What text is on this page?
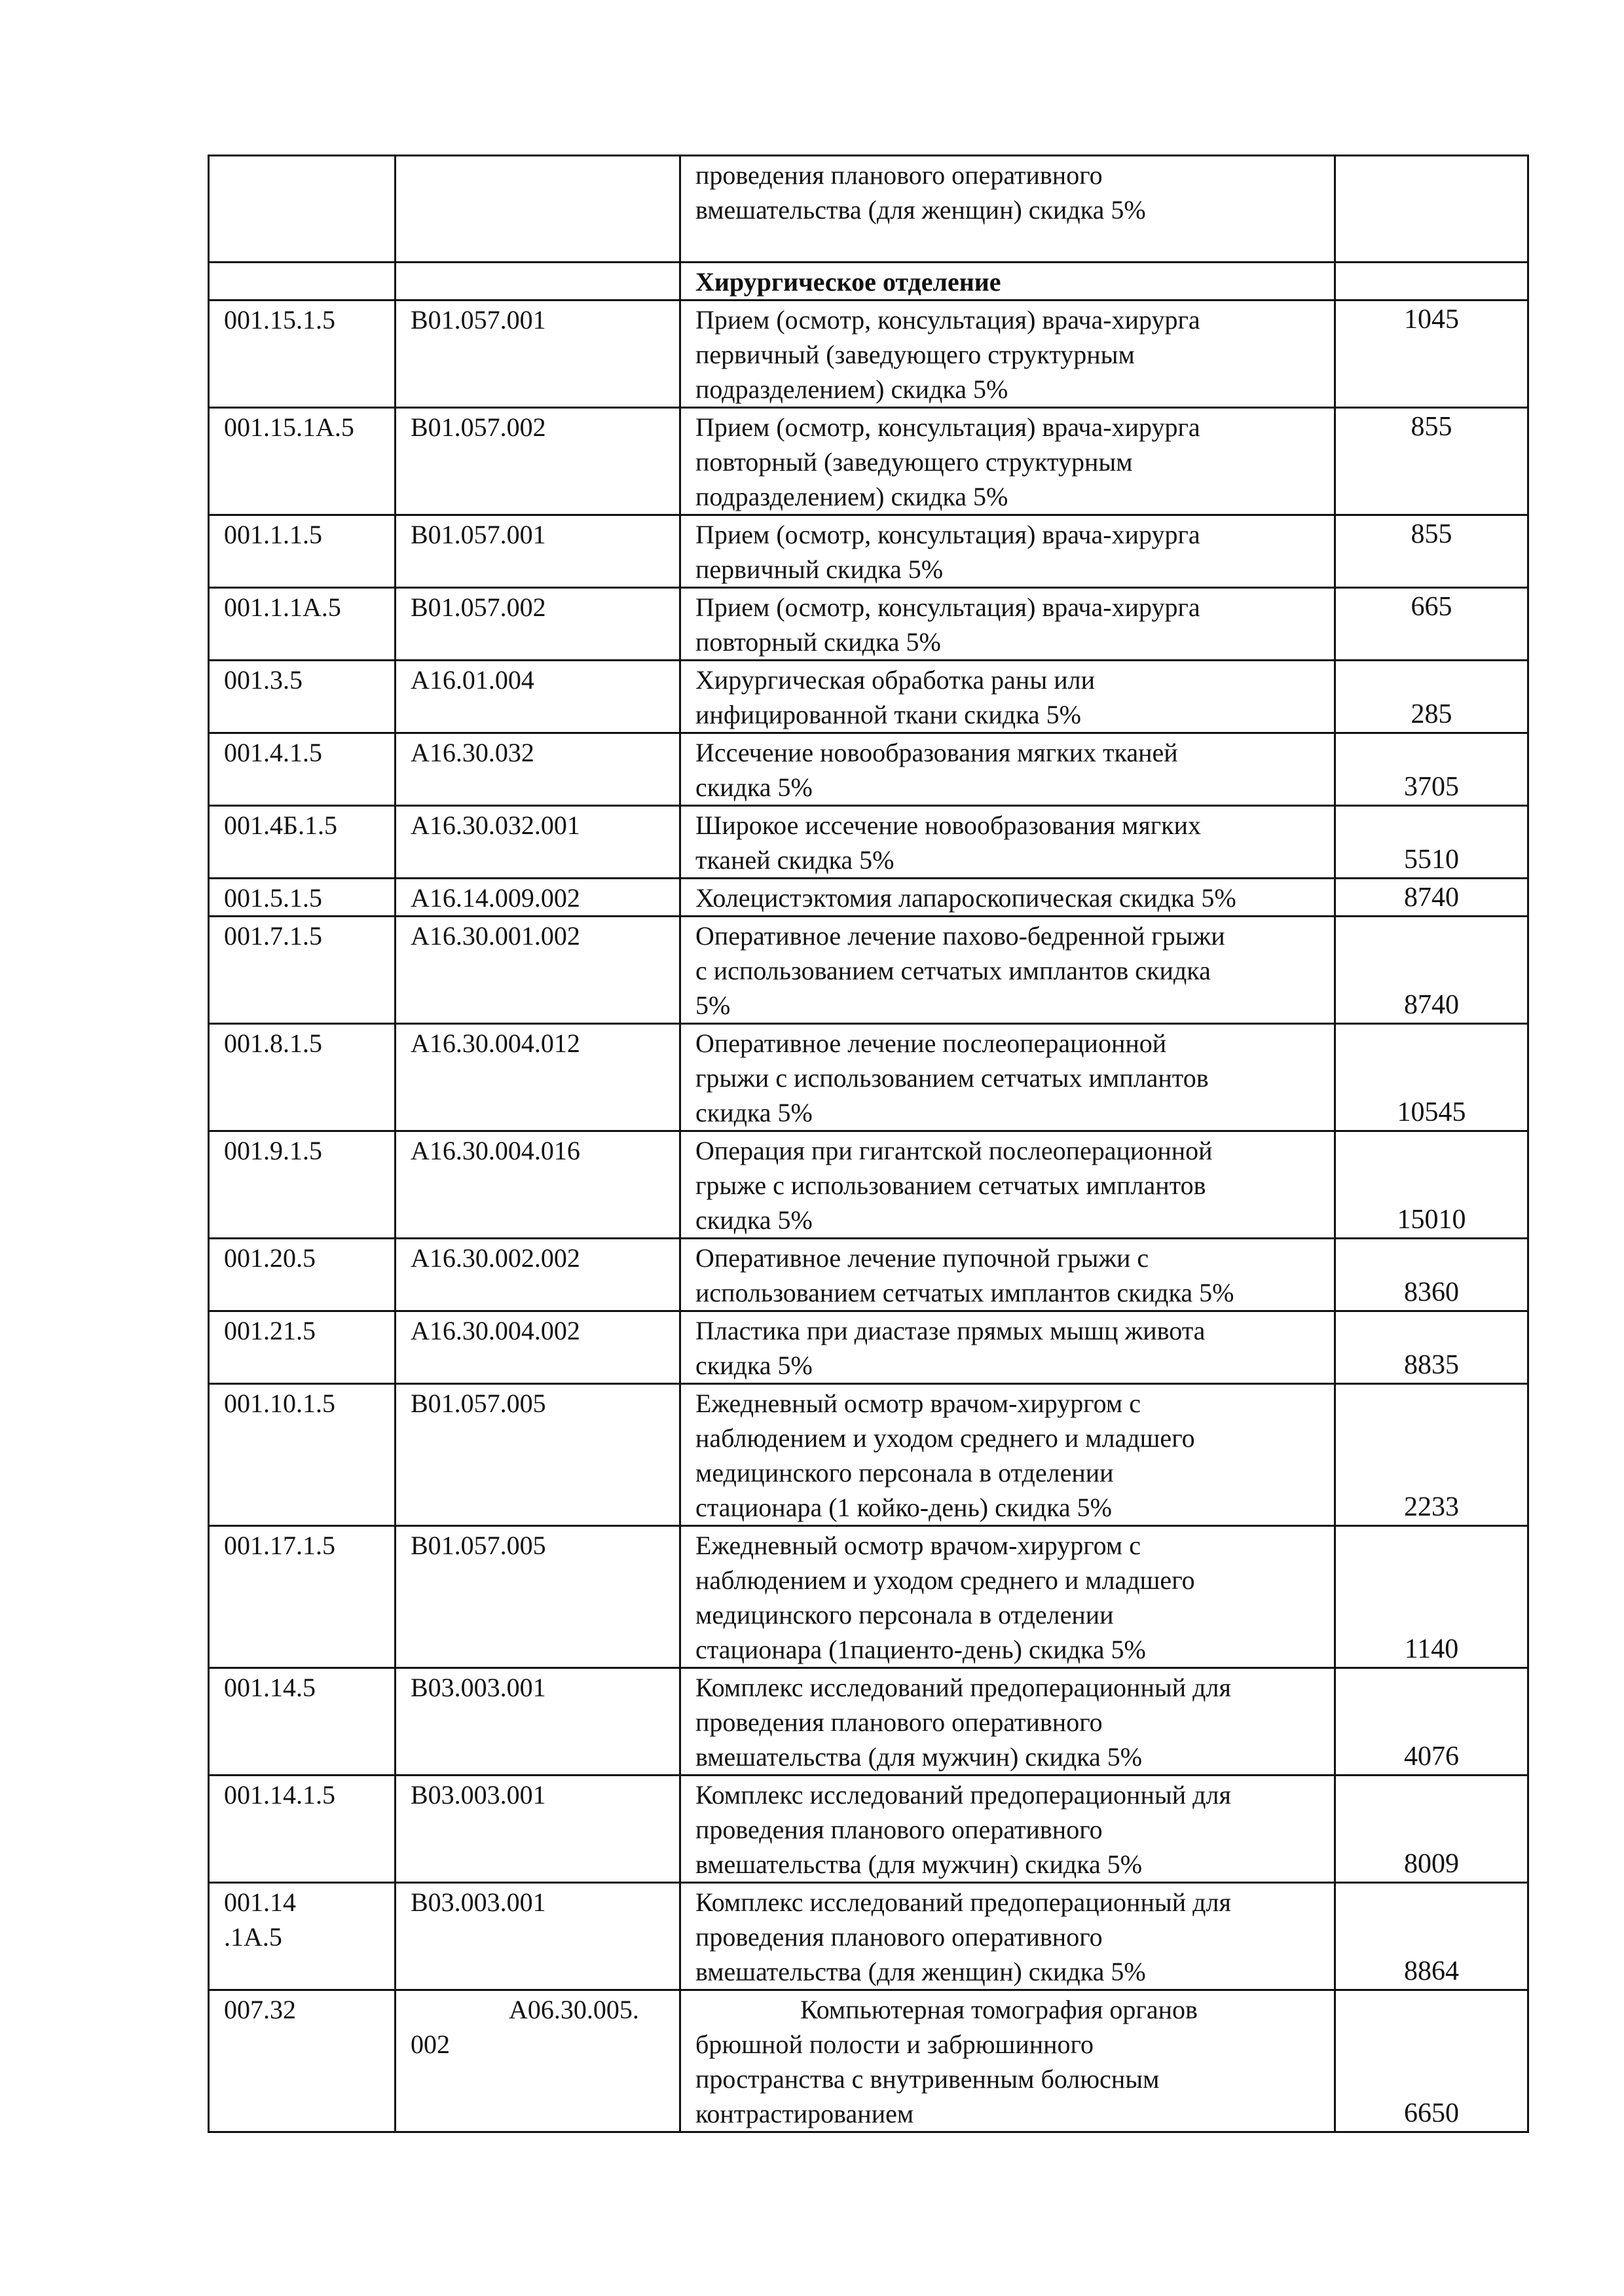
		проведения планового оперативного
вмешательства (для женщин) скидка 5%	
		Хирургическое отделение	
001.15.1.5	B01.057.001	Прием (осмотр, консультация) врача-хирурга
первичный (заведующего структурным
подразделением) скидка 5%	1045
001.15.1А.5	B01.057.002	Прием (осмотр, консультация) врача-хирурга
повторный (заведующего структурным
подразделением) скидка 5%	855
001.1.1.5	B01.057.001	Прием (осмотр, консультация) врача-хирурга
первичный скидка 5%	855
001.1.1А.5	B01.057.002	Прием (осмотр, консультация) врача-хирурга
повторный скидка 5%	665
001.3.5	A16.01.004	Хирургическая обработка раны или
инфицированной ткани скидка 5%	285
001.4.1.5	A16.30.032	Иссечение новообразования мягких тканей
скидка 5%	3705
001.4Б.1.5	A16.30.032.001	Широкое иссечение новообразования мягких
тканей скидка 5%	5510
001.5.1.5	A16.14.009.002	Холецистэктомия лапароскопическая скидка 5%	8740
001.7.1.5	A16.30.001.002	Оперативное лечение пахово-бедренной грыжи
с использованием сетчатых имплантов скидка
5%	8740
001.8.1.5	A16.30.004.012	Оперативное лечение послеоперационной
грыжи с использованием сетчатых имплантов
скидка 5%	10545
001.9.1.5	A16.30.004.016	Операция при гигантской послеоперационной
грыже с использованием сетчатых имплантов
скидка 5%	15010
001.20.5	A16.30.002.002	Оперативное лечение пупочной грыжи с
использованием сетчатых имплантов скидка 5%	8360
001.21.5	A16.30.004.002	Пластика при диастазе прямых мышц живота
скидка 5%	8835
001.10.1.5	B01.057.005	Ежедневный осмотр врачом-хирургом с
наблюдением и уходом среднего и младшего
медицинского персонала в отделении
стационара (1 койко-день) скидка 5%	2233
001.17.1.5	B01.057.005	Ежедневный осмотр врачом-хирургом с
наблюдением и уходом среднего и младшего
медицинского персонала в отделении
стационара (1пациенто-день) скидка 5%	1140
001.14.5	B03.003.001	Комплекс исследований предоперационный для
проведения планового оперативного
вмешательства (для мужчин) скидка 5%	4076
001.14.1.5	B03.003.001	Комплекс исследований предоперационный для
проведения планового оперативного
вмешательства (для мужчин) скидка 5%	8009
001.14
.1А.5	B03.003.001	Комплекс исследований предоперационный для
проведения планового оперативного
вмешательства (для женщин) скидка 5%	8864
007.32	A06.30.005.
002	Компьютерная томография органов
брюшной полости и забрюшинного
пространства с внутривенным болюсным
контрастированием	6650
